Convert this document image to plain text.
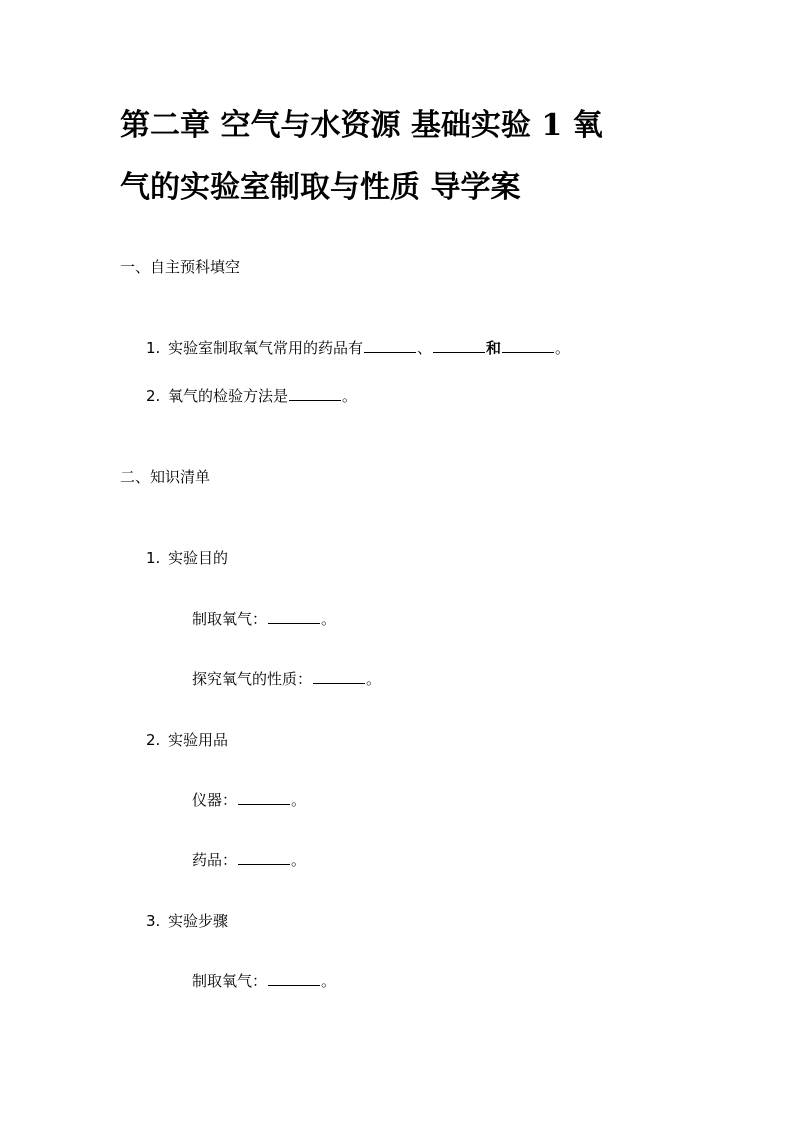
第二章 空气与水资源 基础实验 1 氧
气的实验室制取与性质 导学案
一、自主预科填空
1. 实验室制取氧气常用的药品有	、	和	。
2. 氧气的检验方法是	。
二、知识清单
1. 实验目的
制取氧气：	。
探究氧气的性质：	。
2. 实验用品
仪器：	。
药品：	。
3. 实验步骤
制取氧气：	。
